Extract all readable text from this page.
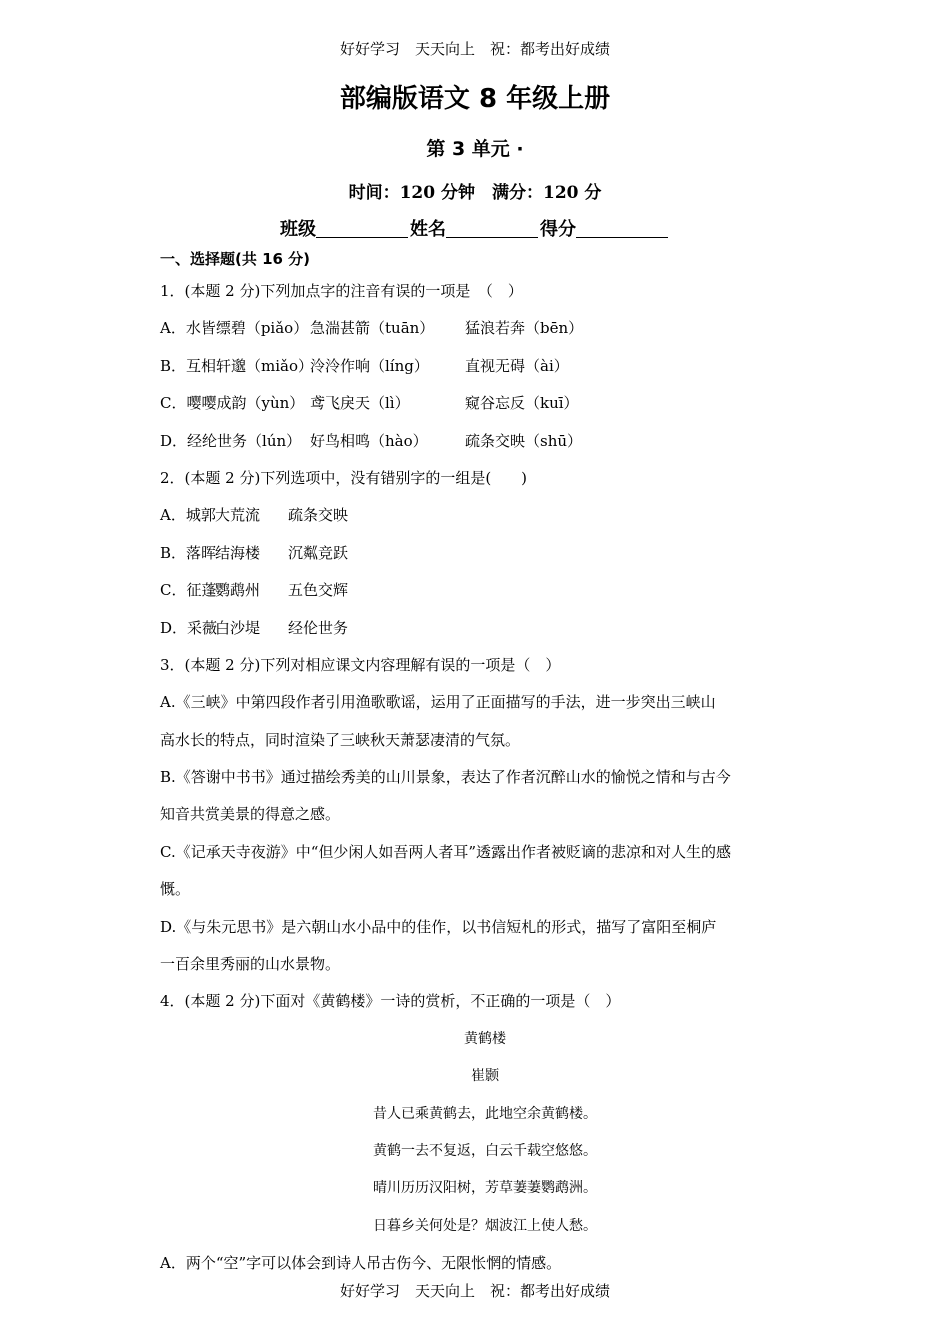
好好学习　天天向上　祝：都考出好成绩
部编版语文 8 年级上册
第 3 单元 ·
时间：120 分钟　满分：120 分
班级	姓名	得分
一、选择题(共 16 分)
1．(本题 2 分)下列加点字的注音有误的一项是　（　）
A．水皆缥碧（piǎo） 急湍甚箭（tuān） 猛浪若奔（bēn）
B．互相轩邈（miǎo）泠泠作响（líng） 直视无碍（ài）
C．嘤嘤成韵（yùn） 鸢飞戾天（lì）	窥谷忘反（kuī）
D．经纶世务（lún） 好鸟相鸣（hào） 疏条交映（shū）
2．(本题 2 分)下列选项中，没有错别字的一组是(　　)
A．城郭大荒流 疏条交映
B．落晖结海楼 沉粼竞跃
C．征蓬鹦鹉州 五色交辉
D．采薇白沙堤 经伦世务
3．(本题 2 分)下列对相应课文内容理解有误的一项是（　）
A.《三峡》中第四段作者引用渔歌歌谣，运用了正面描写的手法，进一步突出三峡山
高水长的特点，同时渲染了三峡秋天萧瑟凄清的气氛。
B.《答谢中书书》通过描绘秀美的山川景象，表达了作者沉醉山水的愉悦之情和与古今
知音共赏美景的得意之感。
C.《记承天寺夜游》中“但少闲人如吾两人者耳”透露出作者被贬谪的悲凉和对人生的感
慨。
D.《与朱元思书》是六朝山水小品中的佳作，以书信短札的形式，描写了富阳至桐庐
一百余里秀丽的山水景物。
4．(本题 2 分)下面对《黄鹤楼》一诗的赏析，不正确的一项是（　）
黄鹤楼
崔颢
昔人已乘黄鹤去，此地空余黄鹤楼。
黄鹤一去不复返，白云千载空悠悠。
晴川历历汉阳树，芳草萋萋鹦鹉洲。
日暮乡关何处是？烟波江上使人愁。
A．两个“空”字可以体会到诗人吊古伤今、无限怅惘的情感。
好好学习　天天向上　祝：都考出好成绩
